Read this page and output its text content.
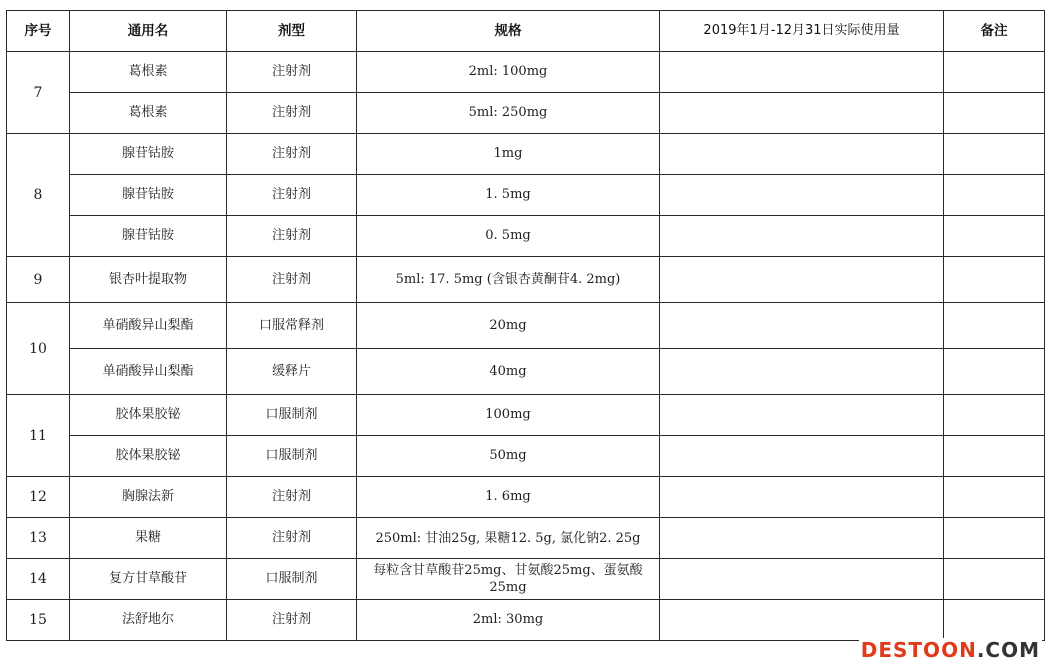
序号	通用名	剂型	规格	2019年1月-12月31日实际使用量	备注
7	葛根素	注射剂	2ml: 100mg		
	葛根素	注射剂	5ml: 250mg		
8	腺苷钴胺	注射剂	1mg		
	腺苷钴胺	注射剂	1. 5mg		
	腺苷钴胺	注射剂	0. 5mg		
9	银杏叶提取物	注射剂	5ml: 17. 5mg (含银杏黄酮苷4. 2mg)		
10	单硝酸异山梨酯	口服常释剂	20mg		
	单硝酸异山梨酯	缓释片	40mg		
11	胶体果胶铋	口服制剂	100mg		
	胶体果胶铋	口服制剂	50mg		
12	胸腺法新	注射剂	1. 6mg		
13	果糖	注射剂	250ml: 甘油25g, 果糖12. 5g, 氯化钠2. 25g		
14	复方甘草酸苷	口服制剂	每粒含甘草酸苷25mg、甘氨酸25mg、蛋氨酸25mg		
15	法舒地尔	注射剂	2ml: 30mg		
DESTOON.COM
